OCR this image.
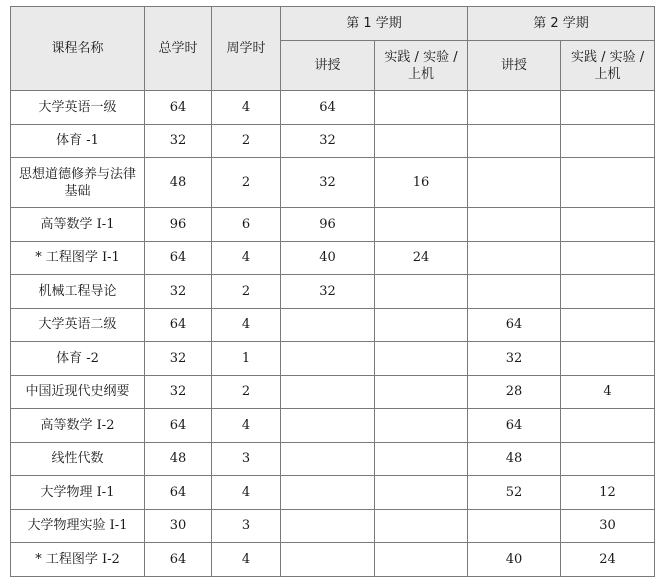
课程名称	总学时	周学时	第 1 学期		第 2 学期	
			讲授	实践 / 实验 / 上机	讲授	实践 / 实验 / 上机
大学英语一级	64	4	64			
体育 -1	32	2	32			
思想道德修养与法律基础	48	2	32	16		
高等数学 I-1	96	6	96			
* 工程图学 I-1	64	4	40	24		
机械工程导论	32	2	32			
大学英语二级	64	4			64	
体育 -2	32	1			32	
中国近现代史纲要	32	2			28	4
高等数学 I-2	64	4			64	
线性代数	48	3			48	
大学物理 I-1	64	4			52	12
大学物理实验 I-1	30	3				30
* 工程图学 I-2	64	4			40	24
